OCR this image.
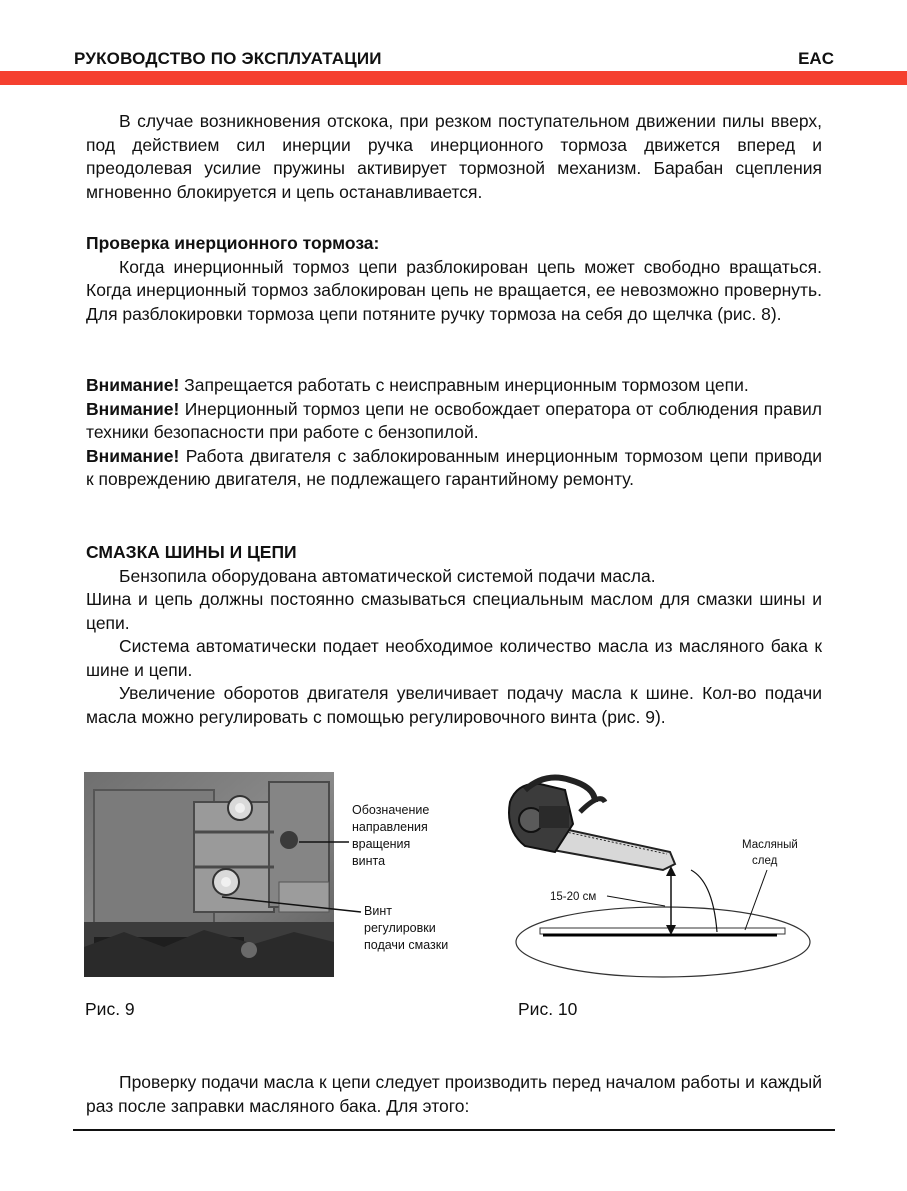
РУКОВОДСТВО ПО ЭКСПЛУАТАЦИИ	EAC

В случае возникновения отскока, при резком поступательном движении пилы вверх, под действием сил инерции ручка инерционного тормоза движется вперед и преодолевая усилие пружины активирует тормозной механизм. Барабан сцепления мгновенно блокируется и цепь останавливается.

Проверка инерционного тормоза:

Когда инерционный тормоз цепи разблокирован цепь может свободно вращаться. Когда инерционный тормоз заблокирован цепь не вращается, ее невозможно провернуть. Для разблокировки тормоза цепи потяните ручку тормоза на себя до щелчка (рис. 8).

Внимание! Запрещается работать с неисправным инерционным тормозом цепи.
Внимание! Инерционный тормоз цепи не освобождает оператора от соблюдения правил техники безопасности при работе с бензопилой.
Внимание! Работа двигателя с заблокированным инерционным тормозом цепи приводи к повреждению двигателя, не подлежащего гарантийному ремонту.
СМАЗКА ШИНЫ И ЦЕПИ

Бензопила оборудована автоматической системой подачи масла.

Шина и цепь должны постоянно смазываться специальным маслом для смазки шины и цепи.

Система автоматически подает необходимое количество масла из масляного бака к шине и цепи.

Увеличение оборотов двигателя увеличивает подачу масла к шине. Кол-во подачи масла можно регулировать с помощью регулировочного винта (рис. 9).

Обозначение направления вращения винта
Винт регулировки подачи смазки
Рис. 9
15-20 см
Масляный след
Рис. 10

Проверку подачи масла к цепи следует производить перед началом работы и каждый раз после заправки масляного бака. Для этого:
